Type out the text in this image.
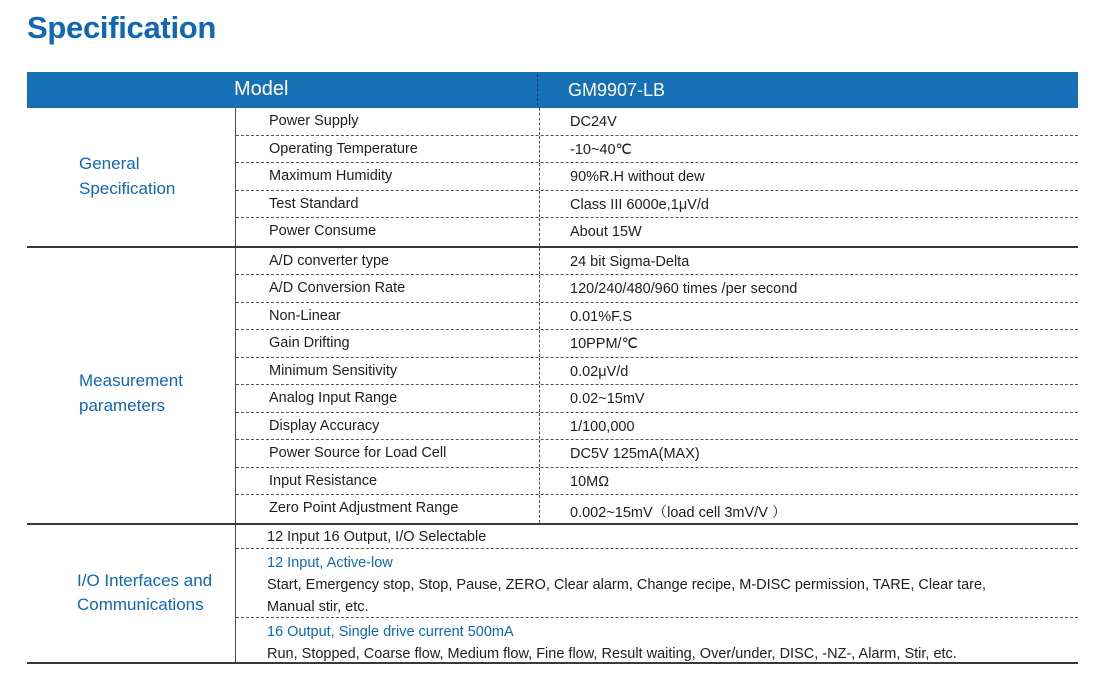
Specification
Model	GM9907-LB
General
Specification
Power Supply	DC24V
Operating Temperature	-10~40℃
Maximum Humidity	90%R.H without dew
Test Standard	Class III 6000e,1μV/d
Power Consume	About 15W
Measurement
parameters
A/D converter type	24 bit Sigma-Delta
A/D Conversion Rate	120/240/480/960 times /per second
Non-Linear	0.01%F.S
Gain Drifting	10PPM/℃
Minimum Sensitivity	0.02μV/d
Analog Input Range	0.02~15mV
Display Accuracy	1/100,000
Power Source for Load Cell	DC5V 125mA(MAX)
Input Resistance	10MΩ
Zero Point Adjustment Range	0.002~15mV（load cell 3mV/V ）
I/O Interfaces and
Communications
12 Input 16 Output, I/O Selectable
12 Input, Active-low
Start, Emergency stop, Stop, Pause, ZERO, Clear alarm, Change recipe, M-DISC permission, TARE, Clear tare,
Manual stir, etc.
16 Output, Single drive current 500mA
Run, Stopped, Coarse flow, Medium flow, Fine flow, Result waiting, Over/under, DISC, -NZ-, Alarm, Stir, etc.
